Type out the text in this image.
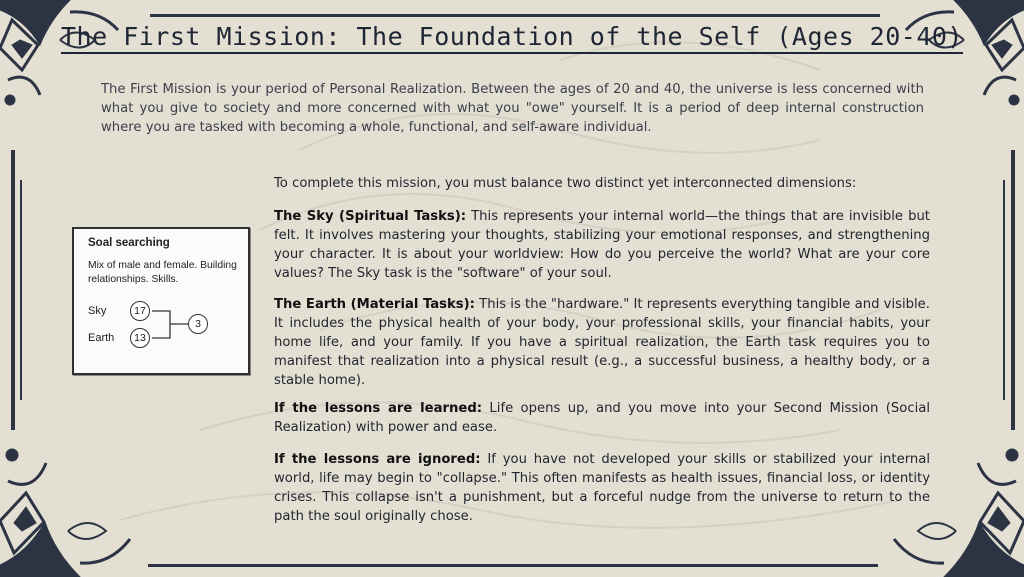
The First Mission: The Foundation of the Self (Ages 20-40)
The First Mission is your period of Personal Realization. Between the ages of 20 and 40, the universe is less concerned with what you give to society and more concerned with what you "owe" yourself. It is a period of deep internal construction where you are tasked with becoming a whole, functional, and self-aware individual.
Soal searching
Mix of male and female. Building relationships. Skills.
Sky	17
Earth	13
3
To complete this mission, you must balance two distinct yet interconnected dimensions:
The Sky (Spiritual Tasks): This represents your internal world—the things that are invisible but felt. It involves mastering your thoughts, stabilizing your emotional responses, and strengthening your character. It is about your worldview: How do you perceive the world? What are your core values? The Sky task is the "software" of your soul.
The Earth (Material Tasks): This is the "hardware." It represents everything tangible and visible. It includes the physical health of your body, your professional skills, your financial habits, your home life, and your family. If you have a spiritual realization, the Earth task requires you to manifest that realization into a physical result (e.g., a successful business, a healthy body, or a stable home).
If the lessons are learned: Life opens up, and you move into your Second Mission (Social Realization) with power and ease.
If the lessons are ignored: If you have not developed your skills or stabilized your internal world, life may begin to "collapse." This often manifests as health issues, financial loss, or identity crises. This collapse isn't a punishment, but a forceful nudge from the universe to return to the path the soul originally chose.
